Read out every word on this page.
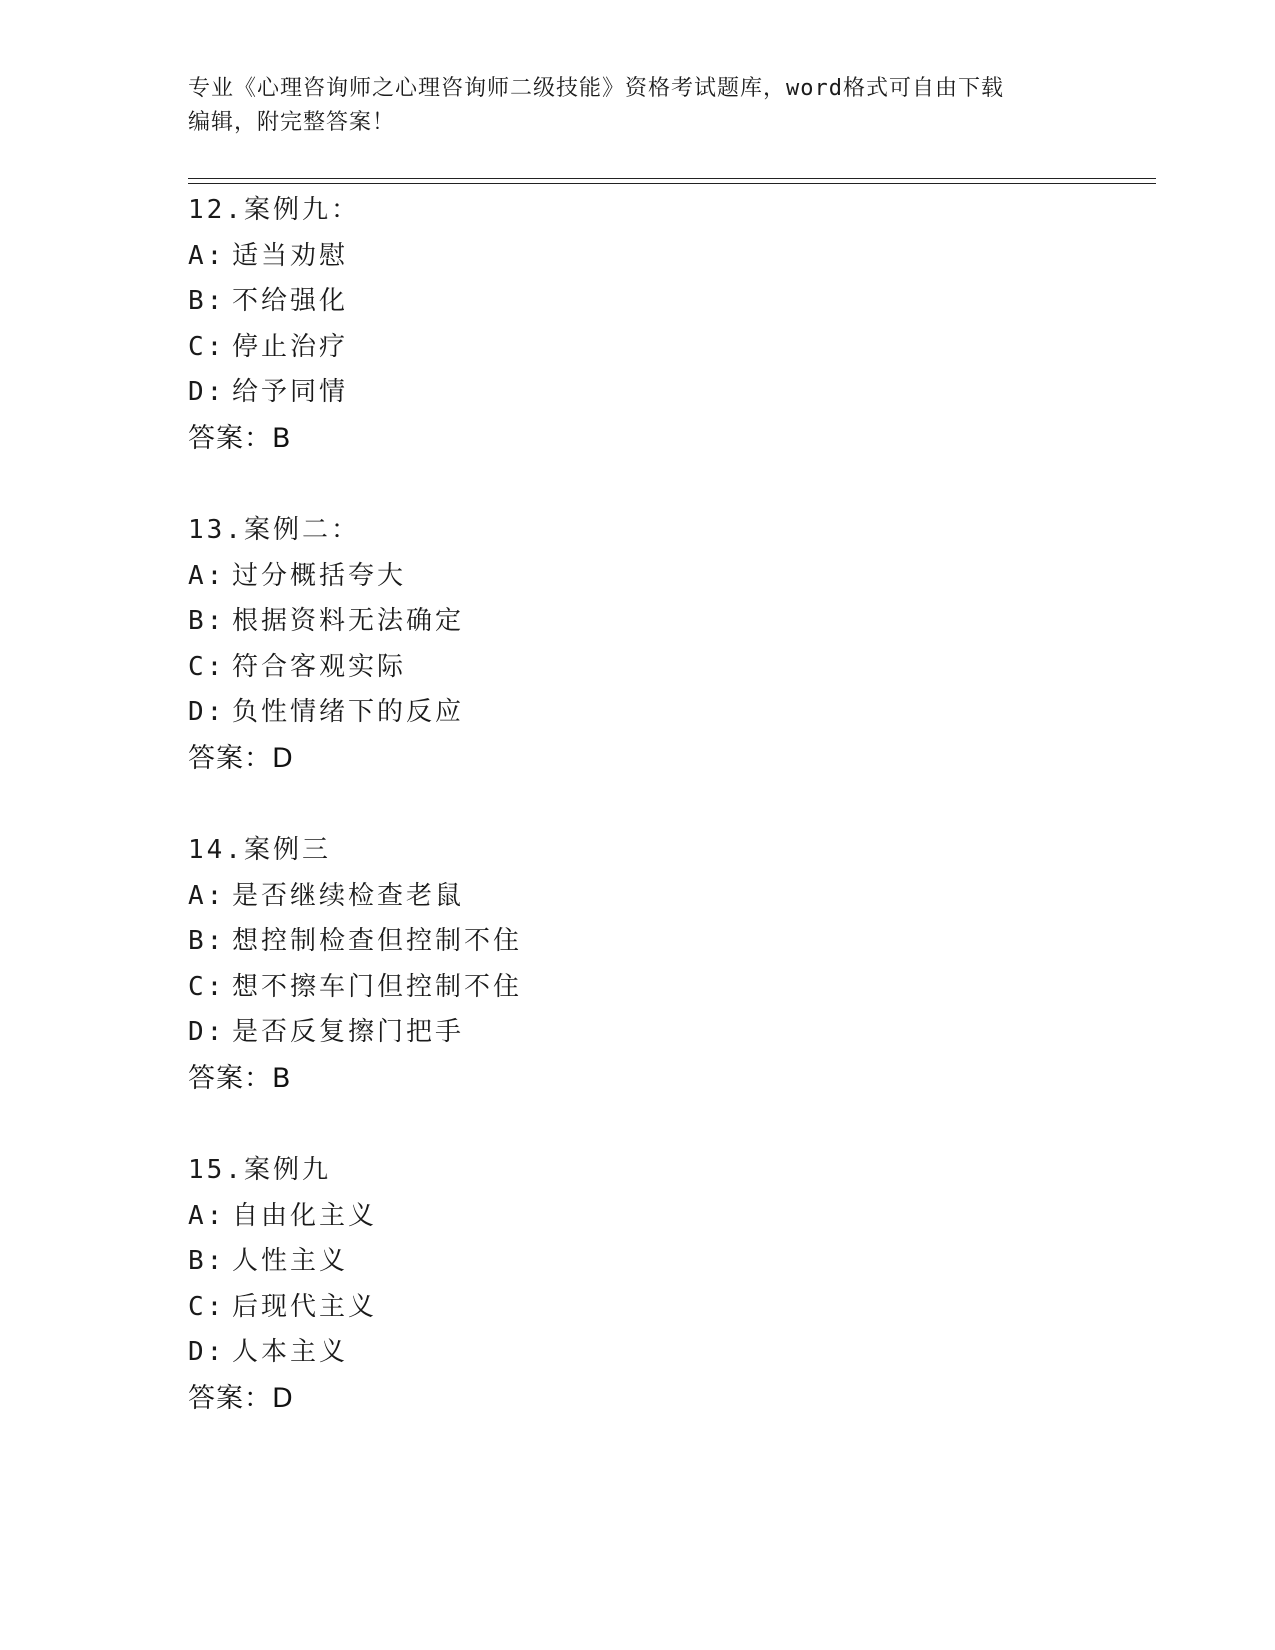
专业《心理咨询师之心理咨询师二级技能》资格考试题库，word格式可自由下载
编辑，附完整答案！
12.案例九：
A: 适当劝慰
B: 不给强化
C: 停止治疗
D: 给予同情
答案：B
13.案例二：
A: 过分概括夸大
B: 根据资料无法确定
C: 符合客观实际
D: 负性情绪下的反应
答案：D
14.案例三
A: 是否继续检查老鼠
B: 想控制检查但控制不住
C: 想不擦车门但控制不住
D: 是否反复擦门把手
答案：B
15.案例九
A: 自由化主义
B: 人性主义
C: 后现代主义
D: 人本主义
答案：D
